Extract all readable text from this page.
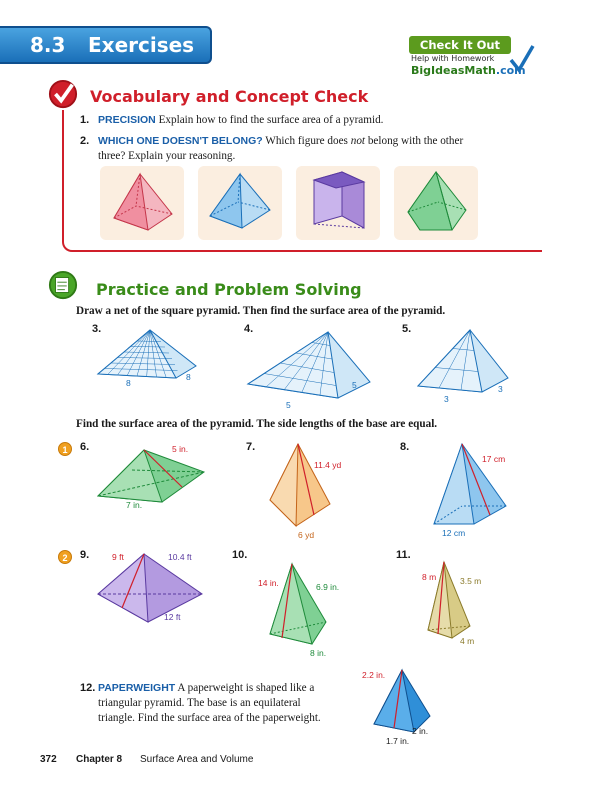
8.3 Exercises	Check It Out
Help with Homework
BigIdeasMath.com
Vocabulary and Concept Check
1. PRECISION Explain how to find the surface area of a pyramid.
2. WHICH ONE DOESN'T BELONG? Which figure does not belong with the other
three? Explain your reasoning.
Practice and Problem Solving
Draw a net of the square pyramid. Then find the surface area of the pyramid.
3.
8
8
4.
5
5
5.
3
3
Find the surface area of the pyramid. The side lengths of the base are equal.
1
2
6.	5 in.
7 in.
7.
11.4 yd
6 yd
8.
17 cm
12 cm
9.	9 ft	10.4 ft
12 ft
10.
14 in.	6.9 in.
8 in.
11.
8 m	3.5 m
4 m
12. PAPERWEIGHT A paperweight is shaped like a
triangular pyramid. The base is an equilateral
triangle. Find the surface area of the paperweight.
2.2 in.
2 in.
1.7 in.
372 Chapter 8 Surface Area and Volume
